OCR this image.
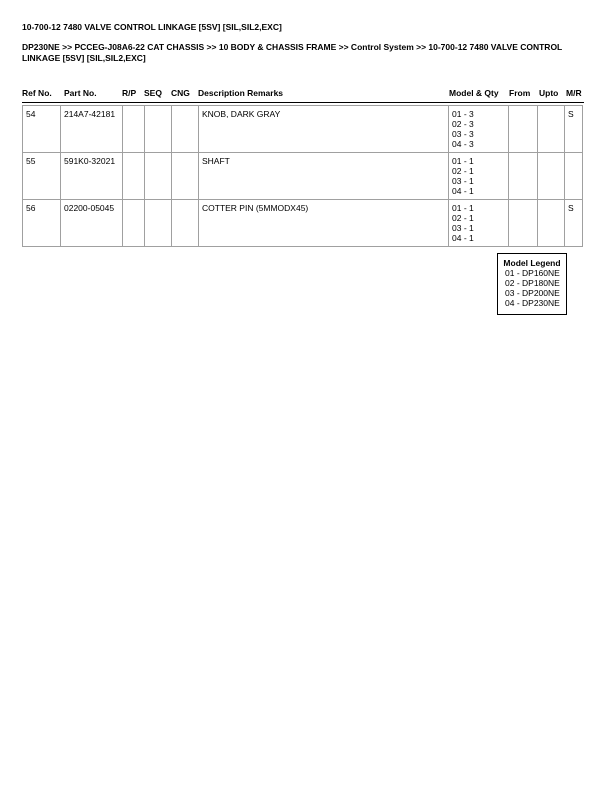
10-700-12 7480 VALVE CONTROL LINKAGE [5SV] [SIL,SIL2,EXC]
DP230NE >> PCCEG-J08A6-22 CAT CHASSIS >> 10 BODY & CHASSIS FRAME >> Control System >> 10-700-12 7480 VALVE CONTROL LINKAGE [5SV] [SIL,SIL2,EXC]
Ref No. Part No.	R/P SEQ CNG Description Remarks	Model & Qty From Upto M/R
54	214A7-42181				KNOB, DARK GRAY	01 - 3
02 - 3
03 - 3
04 - 3			S
55	591K0-32021				SHAFT	01 - 1
02 - 1
03 - 1
04 - 1			

56	02200-05045				COTTER PIN (5MMODX45)	01 - 1
02 - 1
03 - 1
04 - 1			S
Model Legend
01 - DP160NE
02 - DP180NE
03 - DP200NE
04 - DP230NE
